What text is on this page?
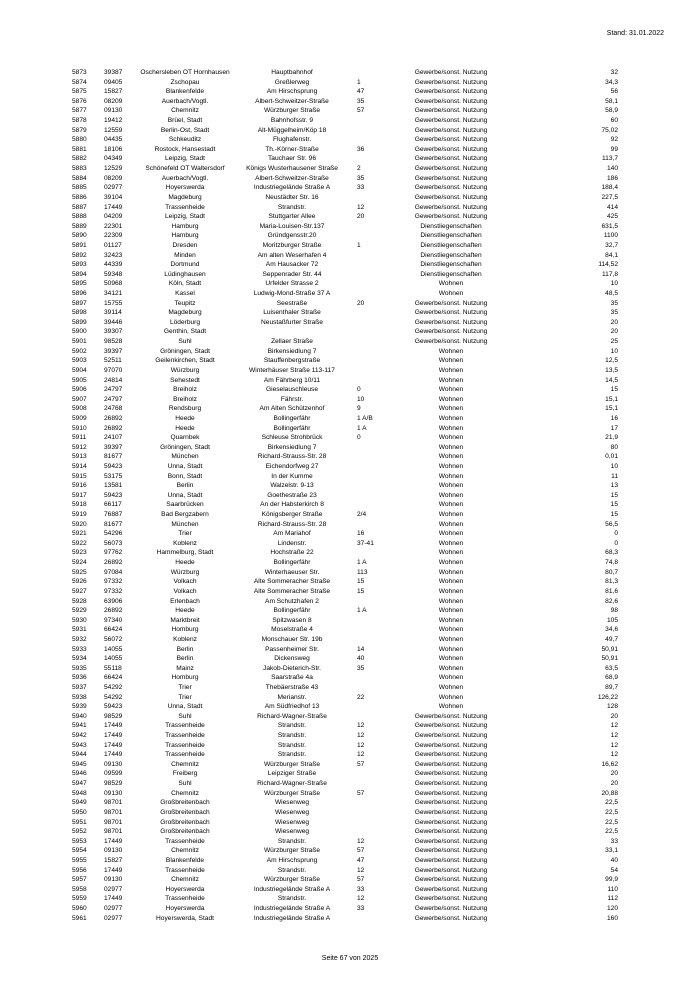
Stand: 31.01.2022
5873	39387	Oschersleben OT Hornhausen	Hauptbahnhof	Gewerbe/sonst. Nutzung	32
5874	09405	Zschopau	Greßlerweg	1	Gewerbe/sonst. Nutzung	34,3
5875	15827	Blankenfelde	Am Hirschsprung	47	Gewerbe/sonst. Nutzung	56
5876	08209	Auerbach/Vogtl.	Albert-Schweitzer-Straße	35	Gewerbe/sonst. Nutzung	58,1
5877	09130	Chemnitz	Würzburger Straße	57	Gewerbe/sonst. Nutzung	58,9
5878	19412	Brüel, Stadt	Bahnhofsstr. 9	Gewerbe/sonst. Nutzung	60
5879	12559	Berlin-Ost, Stadt	Alt-Müggelheim/Köp 18	Gewerbe/sonst. Nutzung	75,02
5880	04435	Schkeuditz	Flughafenstr.	Gewerbe/sonst. Nutzung	92
5881	18106	Rostock, Hansestadt	Th.-Körner-Straße	36	Gewerbe/sonst. Nutzung	99
5882	04349	Leipzig, Stadt	Tauchaer Str. 96	Gewerbe/sonst. Nutzung	113,7
5883	12529	Schönefeld OT Waltersdorf	Königs Wusterhausener Straße	2	Gewerbe/sonst. Nutzung	140
5884	08209	Auerbach/Vogtl.	Albert-Schweitzer-Straße	35	Gewerbe/sonst. Nutzung	186
5885	02977	Hoyerswerda	Industriegelände Straße A	33	Gewerbe/sonst. Nutzung	188,4
5886	39104	Magdeburg	Neustädter Str. 16	Gewerbe/sonst. Nutzung	227,5
5887	17449	Trassenheide	Strandstr.	12	Gewerbe/sonst. Nutzung	414
5888	04209	Leipzig, Stadt	Stuttgarter Allee	20	Gewerbe/sonst. Nutzung	425
5889	22301	Hamburg	Maria-Louisen-Str.137	Dienstliegenschaften	631,5
5890	22309	Hamburg	Gründgensstr.20	Dienstliegenschaften	1100
5891	01127	Dresden	Moritzburger Straße	1	Dienstliegenschaften	32,7
5892	32423	Minden	Am alten Weserhafen 4	Dienstliegenschaften	84,1
5893	44339	Dortmund	Am Hausacker 72	Dienstliegenschaften	114,52
5894	59348	Lüdinghausen	Seppenrader Str. 44	Dienstliegenschaften	117,8
5895	50968	Köln, Stadt	Urfelder Strasse 2	Wohnen	10
5896	34121	Kassel	Ludwig-Mond-Straße 37 A	Wohnen	48,5
5897	15755	Teupitz	Seestraße	20	Gewerbe/sonst. Nutzung	35
5898	39114	Magdeburg	Luisenthaler Straße	Gewerbe/sonst. Nutzung	35
5899	39446	Löderburg	Neustaßfurter Straße	Gewerbe/sonst. Nutzung	20
5900	39307	Genthin, Stadt	Gewerbe/sonst. Nutzung	20
5901	98528	Suhl	Zellaer Straße	Gewerbe/sonst. Nutzung	25
5902	39397	Gröningen, Stadt	Birkensiedlung 7	Wohnen	10
5903	52511	Geilenkirchen, Stadt	Stauffenbergstraße	Wohnen	12,5
5904	97070	Würzburg	Winterhäuser Straße 113-117	Wohnen	13,5
5905	24814	Sehestedt	Am Fährberg 10/11	Wohnen	14,5
5906	24797	Breiholz	Gieselauschleuse	0	Wohnen	15
5907	24797	Breiholz	Fährstr.	10	Wohnen	15,1
5908	24768	Rendsburg	Am Alten Schützenhof	9	Wohnen	15,1
5909	26892	Heede	Bollingerfähr	1 A/B	Wohnen	16
5910	26892	Heede	Bollingerfähr	1 A	Wohnen	17
5911	24107	Quarnbek	Schleuse Strohbrück	0	Wohnen	21,9
5912	39397	Gröningen, Stadt	Birkensiedlung 7	Wohnen	80
5913	81677	München	Richard-Strauss-Str. 28	Wohnen	0,01
5914	59423	Unna, Stadt	Eichendorfweg 27	Wohnen	10
5915	53175	Bonn, Stadt	In der Kumme	Wohnen	11
5916	13581	Berlin	Walzelstr. 9-13	Wohnen	13
5917	59423	Unna, Stadt	Goethestraße 23	Wohnen	15
5918	66117	Saarbrücken	An der Habsterkirch 8	Wohnen	15
5919	76887	Bad Bergzabern	Königsberger Straße	2/4	Wohnen	15
5920	81677	München	Richard-Strauss-Str. 28	Wohnen	56,5
5921	54296	Trier	Am Mariahof	16	Wohnen	0
5922	56073	Koblenz	Lindenstr.	37-41	Wohnen	0
5923	97762	Hammelburg, Stadt	Hochstraße 22	Wohnen	68,3
5924	26892	Heede	Bollingerfähr	1 A	Wohnen	74,8
5925	97084	Würzburg	Winterhaeuser Str.	113	Wohnen	80,7
5926	97332	Volkach	Alte Sommeracher Straße	15	Wohnen	81,3
5927	97332	Volkach	Alte Sommeracher Straße	15	Wohnen	81,6
5928	63906	Erlenbach	Am Schutzhafen 2	Wohnen	82,6
5929	26892	Heede	Bollingerfähr	1 A	Wohnen	98
5930	97340	Marktbreit	Spitzwasen 8	Wohnen	105
5931	66424	Homburg	Moselstraße 4	Wohnen	34,6
5932	56072	Koblenz	Monschauer Str. 19b	Wohnen	49,7
5933	14055	Berlin	Passenheimer Str.	14	Wohnen	50,91
5934	14055	Berlin	Dickensweg	40	Wohnen	50,91
5935	55118	Mainz	Jakob-Dieterich-Str.	35	Wohnen	63,5
5936	66424	Homburg	Saarstraße 4a	Wohnen	68,9
5937	54292	Trier	Thebäerstraße 43	Wohnen	89,7
5938	54292	Trier	Merianstr.	22	Wohnen	126,22
5939	59423	Unna, Stadt	Am Südfriedhof 13	Wohnen	128
5940	98529	Suhl	Richard-Wagner-Straße	Gewerbe/sonst. Nutzung	20
5941	17449	Trassenheide	Strandstr.	12	Gewerbe/sonst. Nutzung	12
5942	17449	Trassenheide	Strandstr.	12	Gewerbe/sonst. Nutzung	12
5943	17449	Trassenheide	Strandstr.	12	Gewerbe/sonst. Nutzung	12
5944	17449	Trassenheide	Strandstr.	12	Gewerbe/sonst. Nutzung	12
5945	09130	Chemnitz	Würzburger Straße	57	Gewerbe/sonst. Nutzung	16,62
5946	09599	Freiberg	Leipziger Straße	Gewerbe/sonst. Nutzung	20
5947	98529	Suhl	Richard-Wagner-Straße	Gewerbe/sonst. Nutzung	20
5948	09130	Chemnitz	Würzburger Straße	57	Gewerbe/sonst. Nutzung	20,88
5949	98701	Großbreitenbach	Wiesenweg	Gewerbe/sonst. Nutzung	22,5
5950	98701	Großbreitenbach	Wiesenweg	Gewerbe/sonst. Nutzung	22,5
5951	98701	Großbreitenbach	Wiesenweg	Gewerbe/sonst. Nutzung	22,5
5952	98701	Großbreitenbach	Wiesenweg	Gewerbe/sonst. Nutzung	22,5
5953	17449	Trassenheide	Strandstr.	12	Gewerbe/sonst. Nutzung	33
5954	09130	Chemnitz	Würzburger Straße	57	Gewerbe/sonst. Nutzung	33,1
5955	15827	Blankenfelde	Am Hirschsprung	47	Gewerbe/sonst. Nutzung	40
5956	17449	Trassenheide	Strandstr.	12	Gewerbe/sonst. Nutzung	54
5957	09130	Chemnitz	Würzburger Straße	57	Gewerbe/sonst. Nutzung	99,9
5958	02977	Hoyerswerda	Industriegelände Straße A	33	Gewerbe/sonst. Nutzung	110
5959	17449	Trassenheide	Strandstr.	12	Gewerbe/sonst. Nutzung	112
5960	02977	Hoyerswerda	Industriegelände Straße A	33	Gewerbe/sonst. Nutzung	120
5961	02977	Hoyerswerda, Stadt	Industriegelände Straße A	Gewerbe/sonst. Nutzung	160
Seite 67 von 2025
